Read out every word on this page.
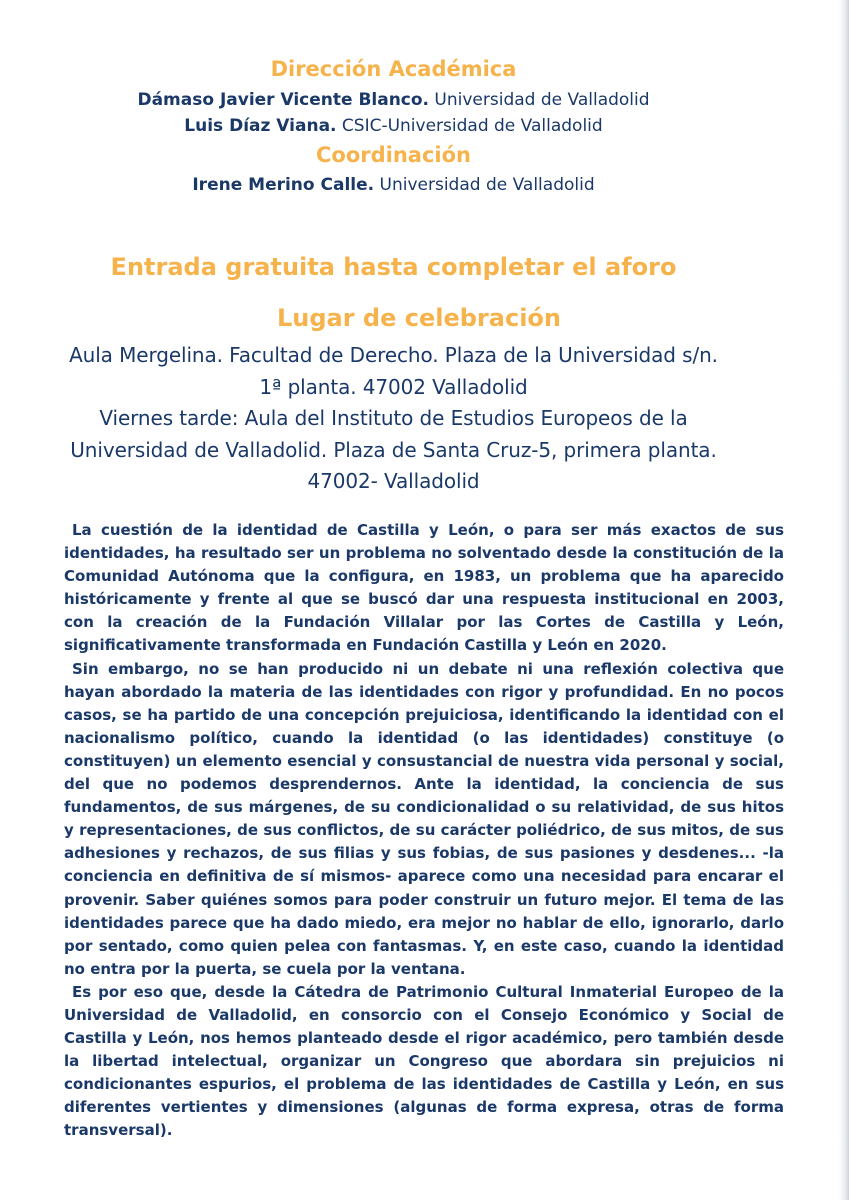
Dirección Académica
Dámaso Javier Vicente Blanco. Universidad de Valladolid
Luis Díaz Viana. CSIC-Universidad de Valladolid
Coordinación
Irene Merino Calle. Universidad de Valladolid
Entrada gratuita hasta completar el aforo
Lugar de celebración
Aula Mergelina. Facultad de Derecho. Plaza de la Universidad s/n.
1ª planta. 47002 Valladolid
Viernes tarde: Aula del Instituto de Estudios Europeos de la
Universidad de Valladolid. Plaza de Santa Cruz-5, primera planta.
47002- Valladolid

La cuestión de la identidad de Castilla y León, o para ser más exactos de sus identidades, ha resultado ser un problema no solventado desde la constitución de la Comunidad Autónoma que la configura, en 1983, un problema que ha aparecido históricamente y frente al que se buscó dar una respuesta institucional en 2003, con la creación de la Fundación Villalar por las Cortes de Castilla y León, significativamente transformada en Fundación Castilla y León en 2020.

Sin embargo, no se han producido ni un debate ni una reflexión colectiva que hayan abordado la materia de las identidades con rigor y profundidad. En no pocos casos, se ha partido de una concepción prejuiciosa, identificando la identidad con el nacionalismo político, cuando la identidad (o las identidades) constituye (o constituyen) un elemento esencial y consustancial de nuestra vida personal y social, del que no podemos desprendernos. Ante la identidad, la conciencia de sus fundamentos, de sus márgenes, de su condicionalidad o su relatividad, de sus hitos y representaciones, de sus conflictos, de su carácter poliédrico, de sus mitos, de sus adhesiones y rechazos, de sus filias y sus fobias, de sus pasiones y desdenes... -la conciencia en definitiva de sí mismos- aparece como una necesidad para encarar el provenir. Saber quiénes somos para poder construir un futuro mejor. El tema de las identidades parece que ha dado miedo, era mejor no hablar de ello, ignorarlo, darlo por sentado, como quien pelea con fantasmas. Y, en este caso, cuando la identidad no entra por la puerta, se cuela por la ventana.

Es por eso que, desde la Cátedra de Patrimonio Cultural Inmaterial Europeo de la Universidad de Valladolid, en consorcio con el Consejo Económico y Social de Castilla y León, nos hemos planteado desde el rigor académico, pero también desde la libertad intelectual, organizar un Congreso que abordara sin prejuicios ni condicionantes espurios, el problema de las identidades de Castilla y León, en sus diferentes vertientes y dimensiones (algunas de forma expresa, otras de forma transversal).
